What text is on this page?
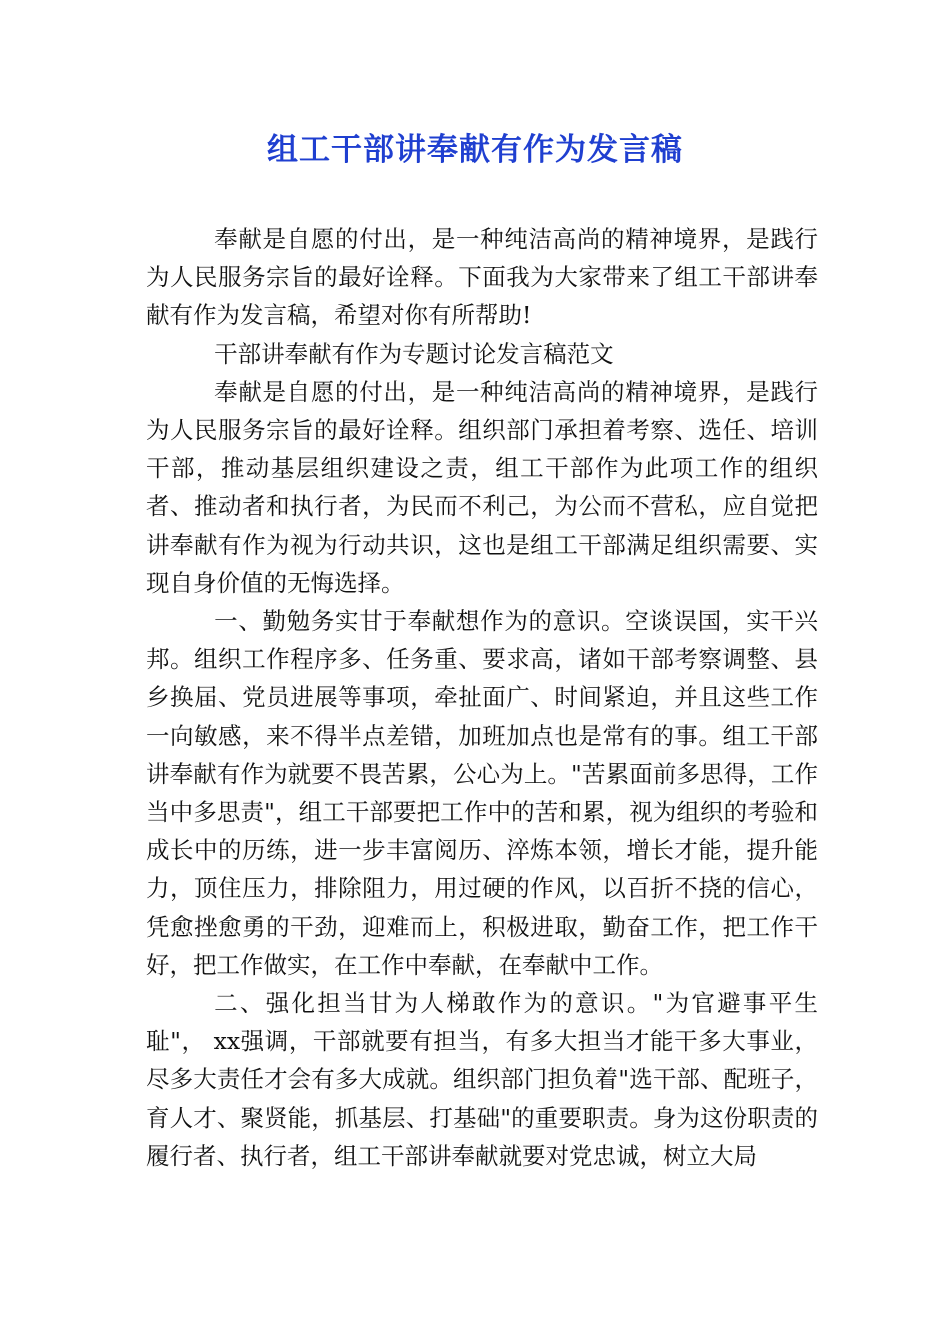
组工干部讲奉献有作为发言稿

奉献是自愿的付出，是一种纯洁高尚的精神境界，是践行为人民服务宗旨的最好诠释。下面我为大家带来了组工干部讲奉献有作为发言稿，希望对你有所帮助!

干部讲奉献有作为专题讨论发言稿范文

奉献是自愿的付出，是一种纯洁高尚的精神境界，是践行为人民服务宗旨的最好诠释。组织部门承担着考察、选任、培训干部，推动基层组织建设之责，组工干部作为此项工作的组织者、推动者和执行者，为民而不利己，为公而不营私，应自觉把讲奉献有作为视为行动共识，这也是组工干部满足组织需要、实现自身价值的无悔选择。

一、勤勉务实甘于奉献想作为的意识。空谈误国，实干兴邦。组织工作程序多、任务重、要求高，诸如干部考察调整、县乡换届、党员进展等事项，牵扯面广、时间紧迫，并且这些工作一向敏感，来不得半点差错，加班加点也是常有的事。组工干部讲奉献有作为就要不畏苦累，公心为上。"苦累面前多思得，工作当中多思责"，组工干部要把工作中的苦和累，视为组织的考验和成长中的历练，进一步丰富阅历、淬炼本领，增长才能，提升能力，顶住压力，排除阻力，用过硬的作风，以百折不挠的信心，凭愈挫愈勇的干劲，迎难而上，积极进取，勤奋工作，把工作干好，把工作做实，在工作中奉献，在奉献中工作。

二、强化担当甘为人梯敢作为的意识。"为官避事平生耻"， xx强调，干部就要有担当，有多大担当才能干多大事业，尽多大责任才会有多大成就。组织部门担负着"选干部、配班子，育人才、聚贤能，抓基层、打基础"的重要职责。身为这份职责的履行者、执行者，组工干部讲奉献就要对党忠诚，树立大局
